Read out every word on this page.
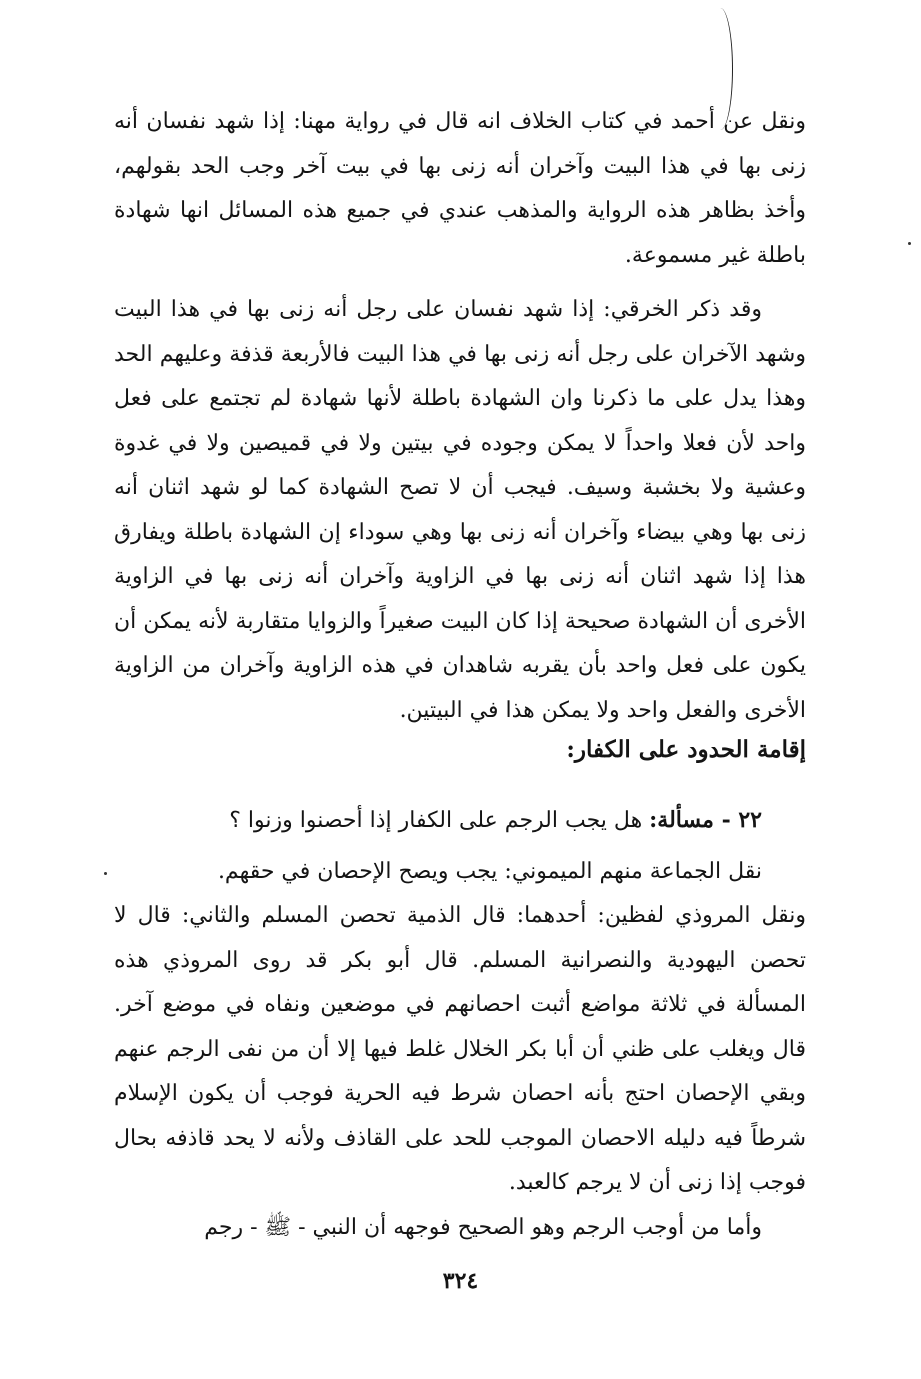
ونقل عن أحمد في كتاب الخلاف انه قال في رواية مهنا: إذا شهد نفسان أنه زنى بها في هذا البيت وآخران أنه زنى بها في بيت آخر وجب الحد بقولهم، وأخذ بظاهر هذه الرواية والمذهب عندي في جميع هذه المسائل انها شهادة باطلة غير مسموعة.

وقد ذكر الخرقي: إذا شهد نفسان على رجل أنه زنى بها في هذا البيت وشهد الآخران على رجل أنه زنى بها في هذا البيت فالأربعة قذفة وعليهم الحد وهذا يدل على ما ذكرنا وان الشهادة باطلة لأنها شهادة لم تجتمع على فعل واحد لأن فعلا واحداً لا يمكن وجوده في بيتين ولا في قميصين ولا في غدوة وعشية ولا بخشبة وسيف. فيجب أن لا تصح الشهادة كما لو شهد اثنان أنه زنى بها وهي بيضاء وآخران أنه زنى بها وهي سوداء إن الشهادة باطلة ويفارق هذا إذا شهد اثنان أنه زنى بها في الزاوية وآخران أنه زنى بها في الزاوية الأخرى أن الشهادة صحيحة إذا كان البيت صغيراً والزوايا متقاربة لأنه يمكن أن يكون على فعل واحد بأن يقربه شاهدان في هذه الزاوية وآخران من الزاوية الأخرى والفعل واحد ولا يمكن هذا في البيتين.

إقامة الحدود على الكفار:

٢٢ - مسألة: هل يجب الرجم على الكفار إذا أحصنوا وزنوا ؟

نقل الجماعة منهم الميموني: يجب ويصح الإحصان في حقهم.

ونقل المروذي لفظين: أحدهما: قال الذمية تحصن المسلم والثاني: قال لا تحصن اليهودية والنصرانية المسلم. قال أبو بكر قد روى المروذي هذه المسألة في ثلاثة مواضع أثبت احصانهم في موضعين ونفاه في موضع آخر. قال ويغلب على ظني أن أبا بكر الخلال غلط فيها إلا أن من نفى الرجم عنهم وبقي الإحصان احتج بأنه احصان شرط فيه الحرية فوجب أن يكون الإسلام شرطاً فيه دليله الاحصان الموجب للحد على القاذف ولأنه لا يحد قاذفه بحال فوجب إذا زنى أن لا يرجم كالعبد.

وأما من أوجب الرجم وهو الصحيح فوجهه أن النبي - ﷺ - رجم

٣٢٤
